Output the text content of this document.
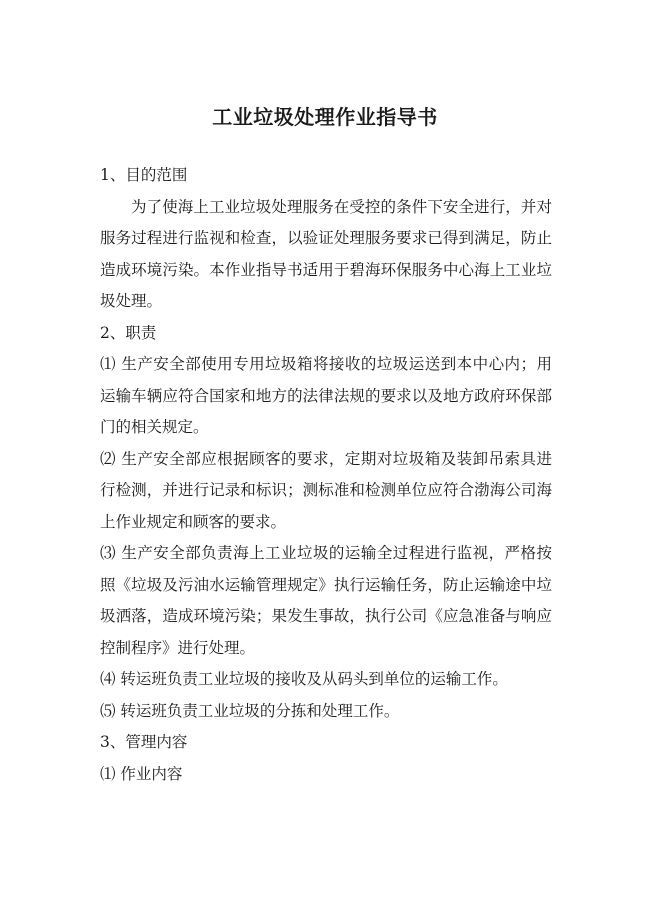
工业垃圾处理作业指导书

1、目的范围

为了使海上工业垃圾处理服务在受控的条件下安全进行，并对服务过程进行监视和检查，以验证处理服务要求已得到满足，防止造成环境污染。本作业指导书适用于碧海环保服务中心海上工业垃圾处理。

2、职责

⑴ 生产安全部使用专用垃圾箱将接收的垃圾运送到本中心内；用运输车辆应符合国家和地方的法律法规的要求以及地方政府环保部门的相关规定。

⑵ 生产安全部应根据顾客的要求，定期对垃圾箱及装卸吊索具进行检测，并进行记录和标识；测标准和检测单位应符合渤海公司海上作业规定和顾客的要求。

⑶ 生产安全部负责海上工业垃圾的运输全过程进行监视，严格按照《垃圾及污油水运输管理规定》执行运输任务，防止运输途中垃圾洒落，造成环境污染；果发生事故，执行公司《应急准备与响应控制程序》进行处理。

⑷ 转运班负责工业垃圾的接收及从码头到单位的运输工作。

⑸ 转运班负责工业垃圾的分拣和处理工作。

3、管理内容

⑴ 作业内容
